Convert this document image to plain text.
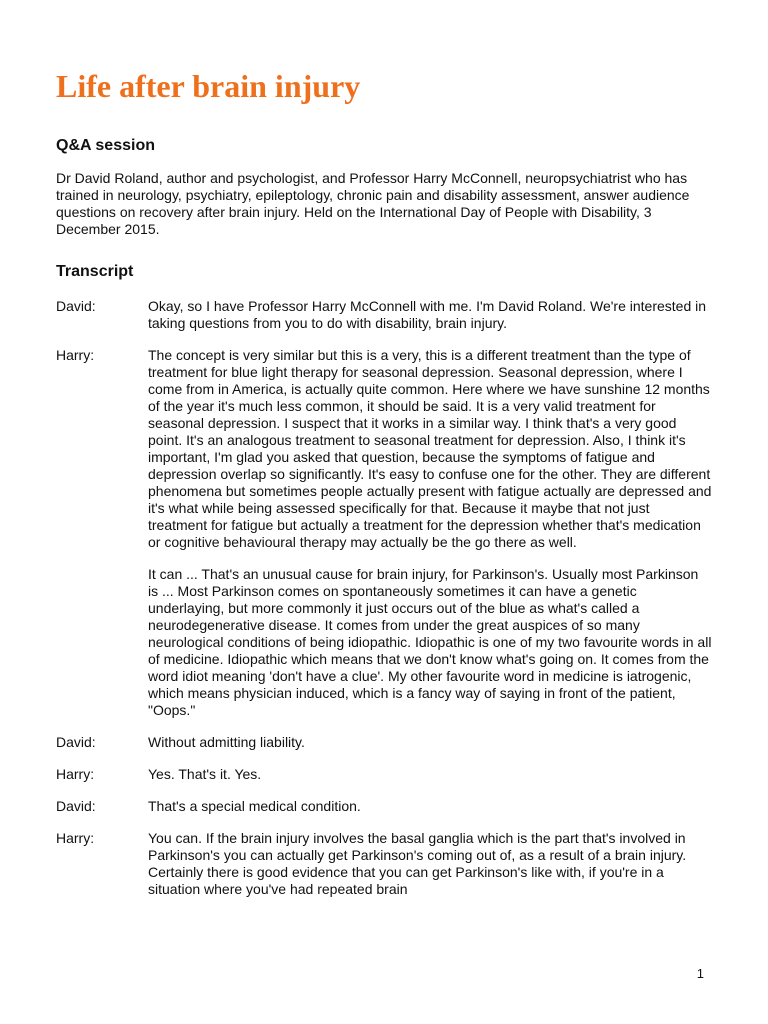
Life after brain injury
Q&A session
Dr David Roland, author and psychologist, and Professor Harry McConnell, neuropsychiatrist who has trained in neurology, psychiatry, epileptology, chronic pain and disability assessment, answer audience questions on recovery after brain injury. Held on the International Day of People with Disability, 3 December 2015.
Transcript
David:	Okay, so I have Professor Harry McConnell with me. I'm David Roland. We're interested in taking questions from you to do with disability, brain injury.
Harry:	The concept is very similar but this is a very, this is a different treatment than the type of treatment for blue light therapy for seasonal depression. Seasonal depression, where I come from in America, is actually quite common. Here where we have sunshine 12 months of the year it's much less common, it should be said. It is a very valid treatment for seasonal depression. I suspect that it works in a similar way. I think that's a very good point. It's an analogous treatment to seasonal treatment for depression. Also, I think it's important, I'm glad you asked that question, because the symptoms of fatigue and depression overlap so significantly. It's easy to confuse one for the other. They are different phenomena but sometimes people actually present with fatigue actually are depressed and it's what while being assessed specifically for that. Because it maybe that not just treatment for fatigue but actually a treatment for the depression whether that's medication or cognitive behavioural therapy may actually be the go there as well.
It can ... That's an unusual cause for brain injury, for Parkinson's. Usually most Parkinson is ... Most Parkinson comes on spontaneously sometimes it can have a genetic underlaying, but more commonly it just occurs out of the blue as what's called a neurodegenerative disease. It comes from under the great auspices of so many neurological conditions of being idiopathic. Idiopathic is one of my two favourite words in all of medicine. Idiopathic which means that we don't know what's going on. It comes from the word idiot meaning 'don't have a clue'. My other favourite word in medicine is iatrogenic, which means physician induced, which is a fancy way of saying in front of the patient, "Oops."
David:	Without admitting liability.
Harry:	Yes. That's it. Yes.
David:	That's a special medical condition.
Harry:	You can. If the brain injury involves the basal ganglia which is the part that's involved in Parkinson's you can actually get Parkinson's coming out of, as a result of a brain injury. Certainly there is good evidence that you can get Parkinson's like with, if you're in a situation where you've had repeated brain
1
